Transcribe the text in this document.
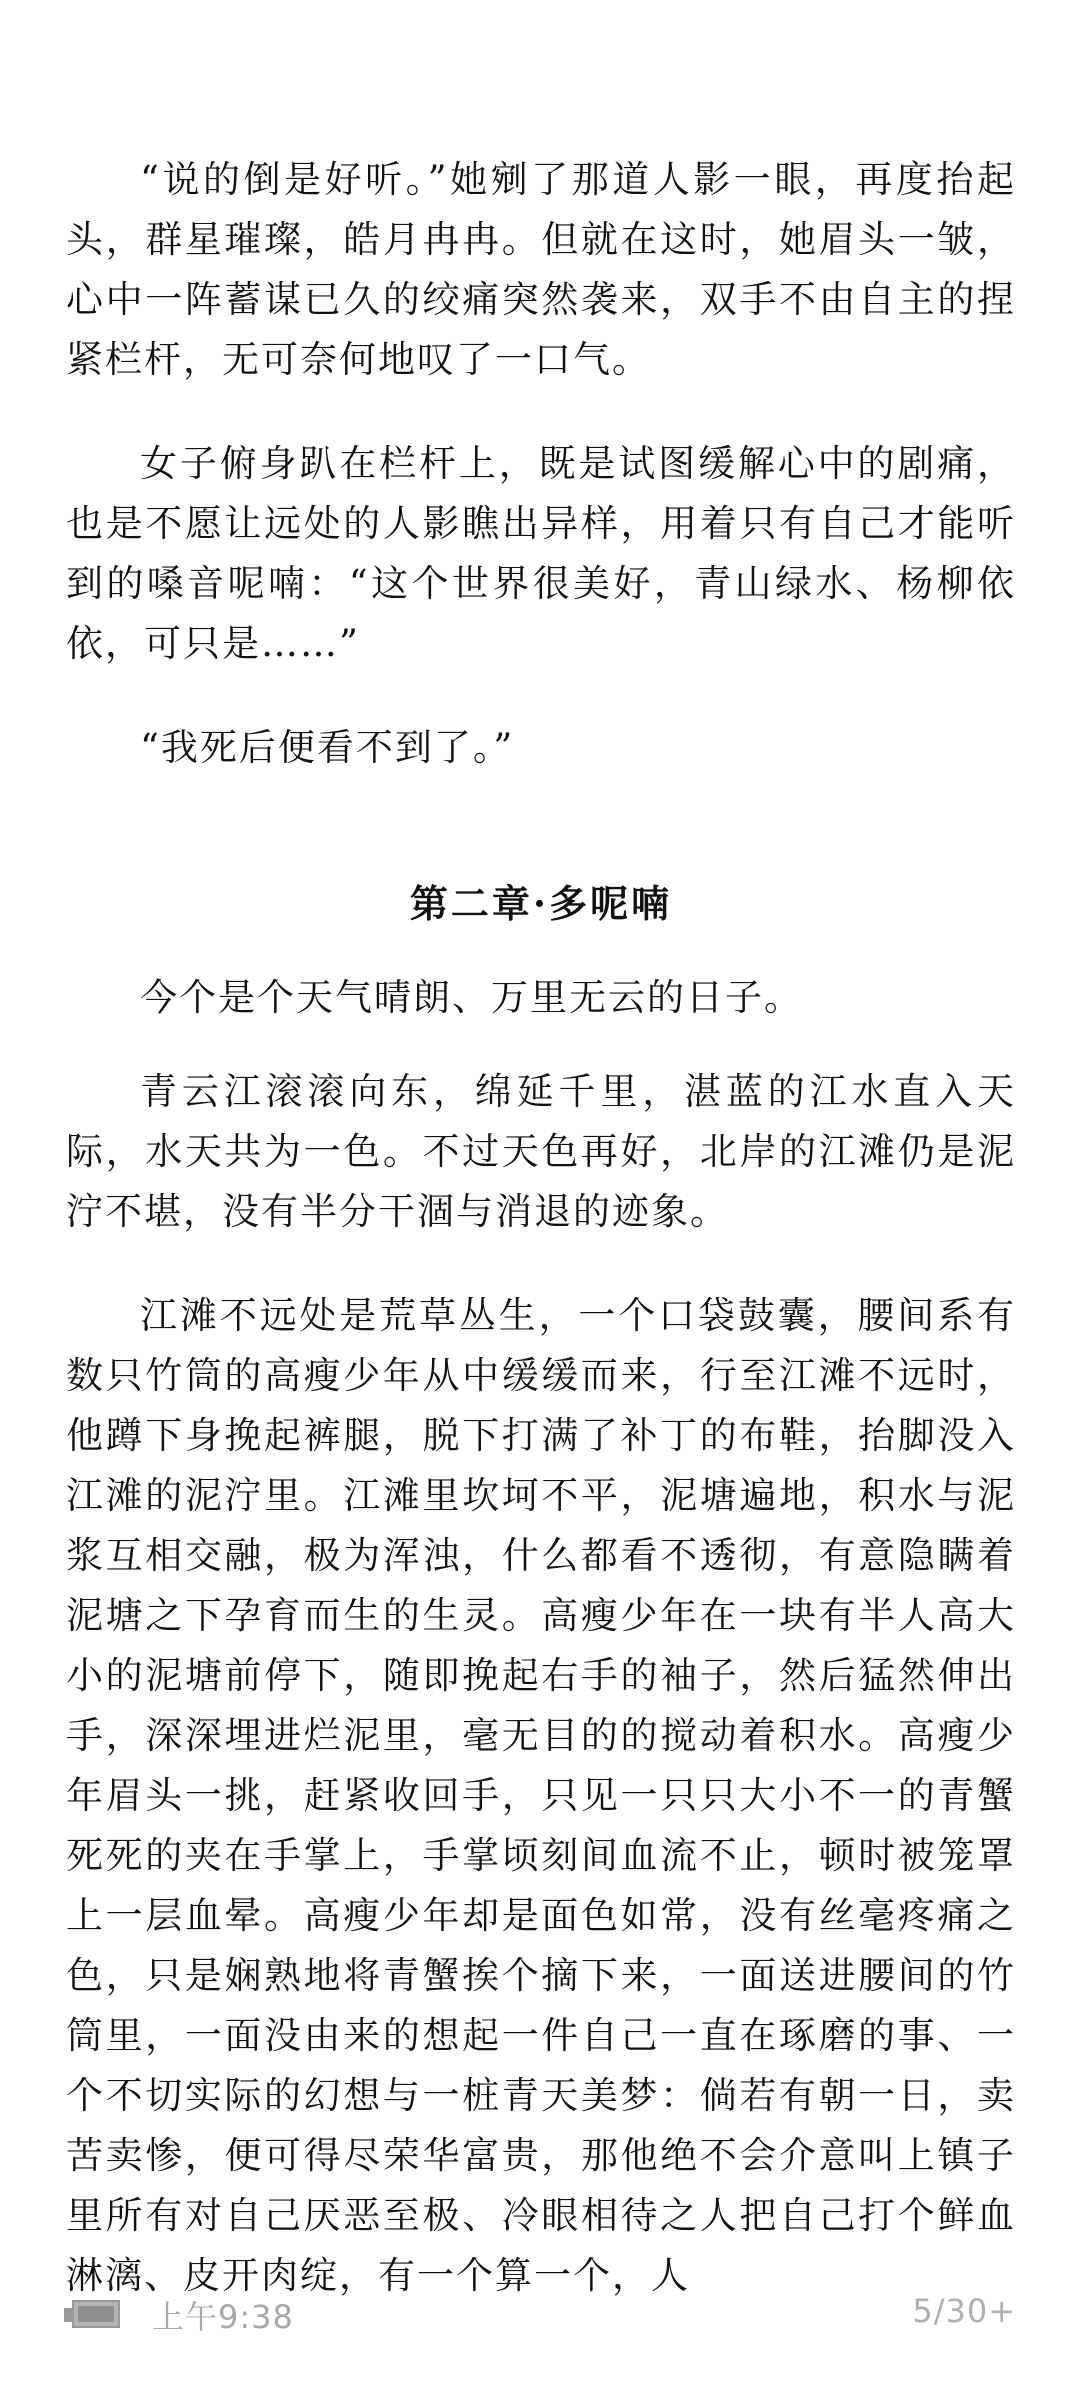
“说的倒是好听。”她剜了那道人影一眼，再度抬起头，群星璀璨，皓月冉冉。但就在这时，她眉头一皱，心中一阵蓄谋已久的绞痛突然袭来，双手不由自主的捏紧栏杆，无可奈何地叹了一口气。

女子俯身趴在栏杆上，既是试图缓解心中的剧痛，也是不愿让远处的人影瞧出异样，用着只有自己才能听到的嗓音呢喃：“这个世界很美好，青山绿水、杨柳依依，可只是……”

“我死后便看不到了。”

第二章·多呢喃

今个是个天气晴朗、万里无云的日子。

青云江滚滚向东，绵延千里，湛蓝的江水直入天际，水天共为一色。不过天色再好，北岸的江滩仍是泥泞不堪，没有半分干涸与消退的迹象。

江滩不远处是荒草丛生，一个口袋鼓囊，腰间系有数只竹筒的高瘦少年从中缓缓而来，行至江滩不远时，他蹲下身挽起裤腿，脱下打满了补丁的布鞋，抬脚没入江滩的泥泞里。江滩里坎坷不平，泥塘遍地，积水与泥浆互相交融，极为浑浊，什么都看不透彻，有意隐瞒着泥塘之下孕育而生的生灵。高瘦少年在一块有半人高大小的泥塘前停下，随即挽起右手的袖子，然后猛然伸出手，深深埋进烂泥里，毫无目的的搅动着积水。高瘦少年眉头一挑，赶紧收回手，只见一只只大小不一的青蟹死死的夹在手掌上，手掌顷刻间血流不止，顿时被笼罩上一层血晕。高瘦少年却是面色如常，没有丝毫疼痛之色，只是娴熟地将青蟹挨个摘下来，一面送进腰间的竹筒里，一面没由来的想起一件自己一直在琢磨的事、一个不切实际的幻想与一桩青天美梦：倘若有朝一日，卖苦卖惨，便可得尽荣华富贵，那他绝不会介意叫上镇子里所有对自己厌恶至极、冷眼相待之人把自己打个鲜血淋漓、皮开肉绽，有一个算一个，人

上午9:38	5/30+
